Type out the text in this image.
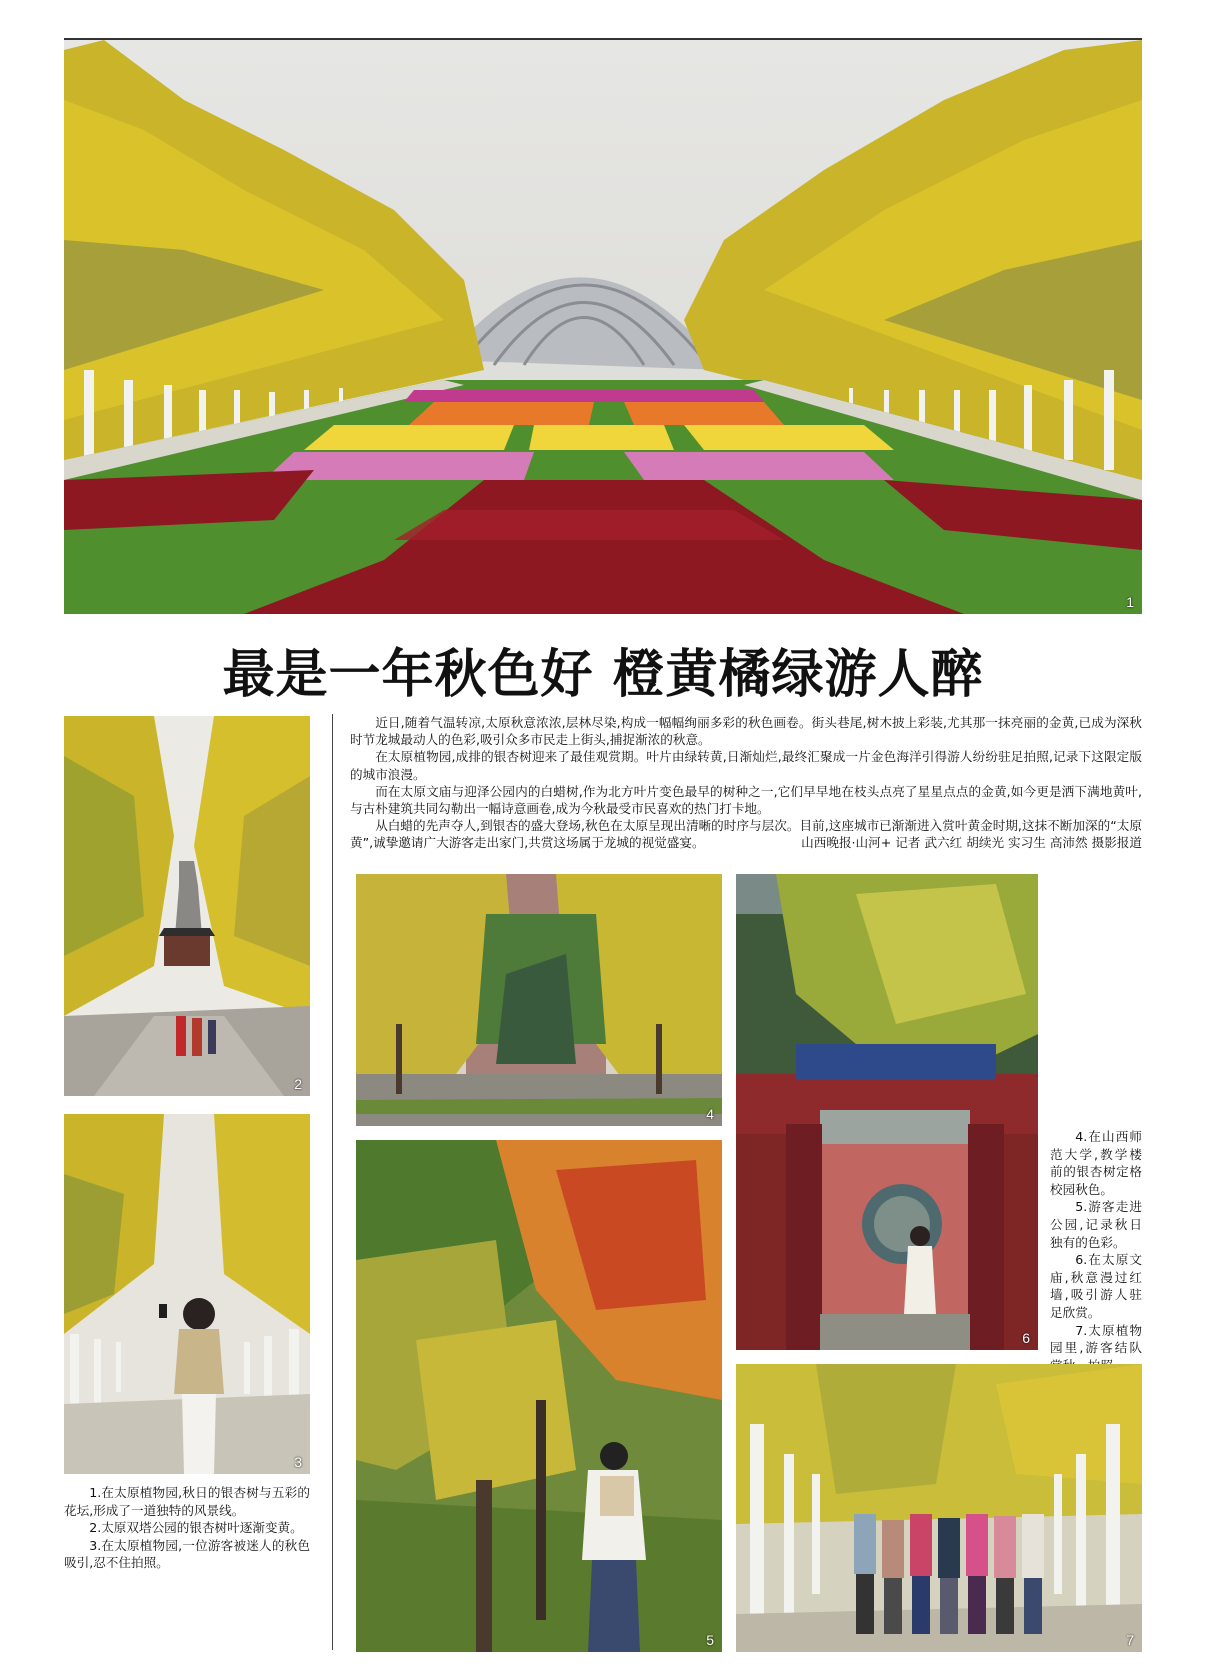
1
最是一年秋色好 橙黄橘绿游人醉

近日,随着气温转凉,太原秋意浓浓,层林尽染,构成一幅幅绚丽多彩的秋色画卷。街头巷尾,树木披上彩装,尤其那一抹亮丽的金黄,已成为深秋时节龙城最动人的色彩,吸引众多市民走上街头,捕捉渐浓的秋意。

在太原植物园,成排的银杏树迎来了最佳观赏期。叶片由绿转黄,日渐灿烂,最终汇聚成一片金色海洋引得游人纷纷驻足拍照,记录下这限定版的城市浪漫。

而在太原文庙与迎泽公园内的白蜡树,作为北方叶片变色最早的树种之一,它们早早地在枝头点亮了星星点点的金黄,如今更是洒下满地黄叶,与古朴建筑共同勾勒出一幅诗意画卷,成为今秋最受市民喜欢的热门打卡地。

从白蜡的先声夺人,到银杏的盛大登场,秋色在太原呈现出清晰的时序与层次。目前,这座城市已渐渐进入赏叶黄金时期,这抹不断加深的“太原黄”,诚挚邀请广大游客走出家门,共赏这场属于龙城的视觉盛宴。	山西晚报·山河+ 记者 武六红 胡续光 实习生 高沛然 摄影报道

2
3

1.在太原植物园,秋日的银杏树与五彩的花坛,形成了一道独特的风景线。

2.太原双塔公园的银杏树叶逐渐变黄。

3.在太原植物园,一位游客被迷人的秋色吸引,忍不住拍照。

4
5
6

4.在山西师范大学,教学楼前的银杏树定格校园秋色。

5.游客走进公园,记录秋日独有的色彩。

6.在太原文庙,秋意漫过红墙,吸引游人驻足欣赏。

7.太原植物园里,游客结队

7
